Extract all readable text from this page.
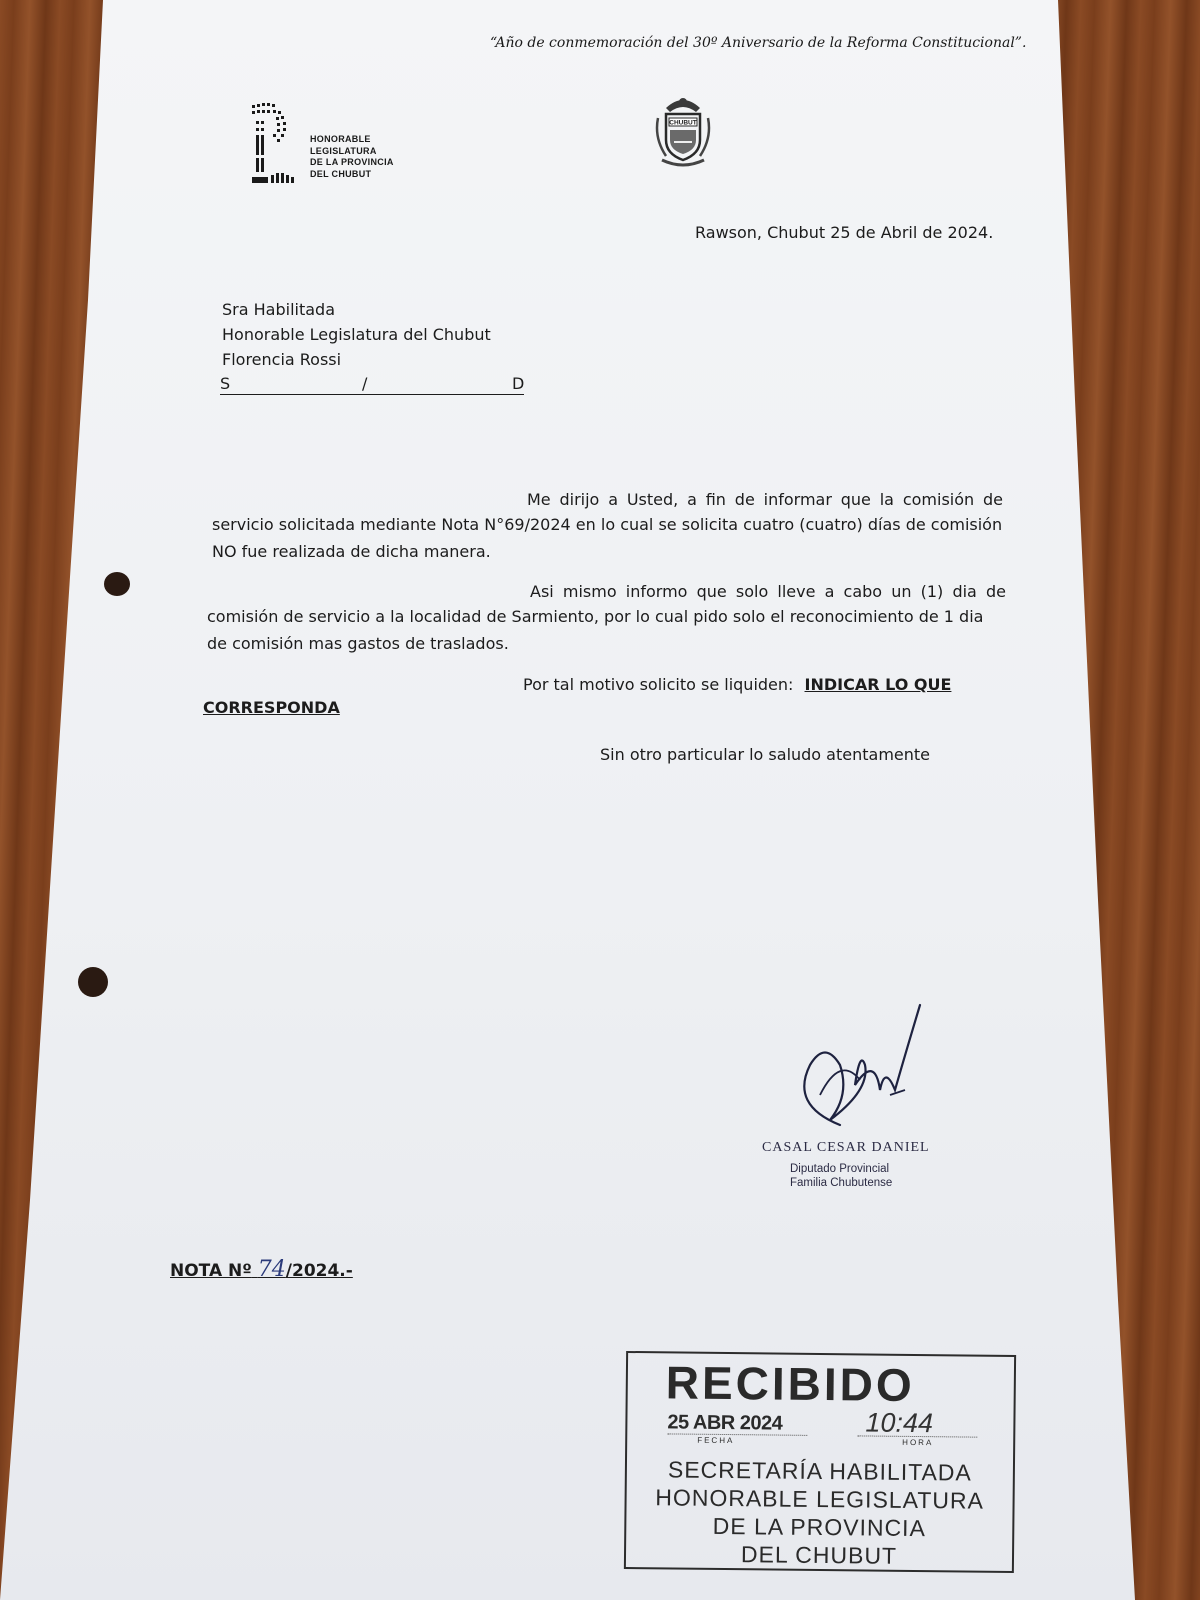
“Año de conmemoración del 30º Aniversario de la Reforma Constitucional”.
HONORABLE
LEGISLATURA
DE LA PROVINCIA
DEL CHUBUT
CHUBUT
Rawson, Chubut 25 de Abril de 2024.
Sra Habilitada
Honorable Legislatura del Chubut
Florencia Rossi
S	/	D
Me dirijo a Usted, a fin de informar que la comisión de
servicio solicitada mediante Nota N°69/2024 en lo cual se solicita cuatro (cuatro) días de comisión
NO fue realizada de dicha manera.
Asi mismo informo que solo lleve a cabo un (1) dia de
comisión de servicio a la localidad de Sarmiento, por lo cual pido solo el reconocimiento de 1 dia
de comisión mas gastos de traslados.
Por tal motivo solicito se liquiden: INDICAR LO QUE
CORRESPONDA
Sin otro particular lo saludo atentamente
CASAL CESAR DANIEL
Diputado Provincial
Familia Chubutense
NOTA Nº 74/2024.-
RECIBIDO
25 ABR 2024
FECHA
10:44
HORA
SECRETARÍA HABILITADA
HONORABLE LEGISLATURA
DE LA PROVINCIA
DEL CHUBUT
